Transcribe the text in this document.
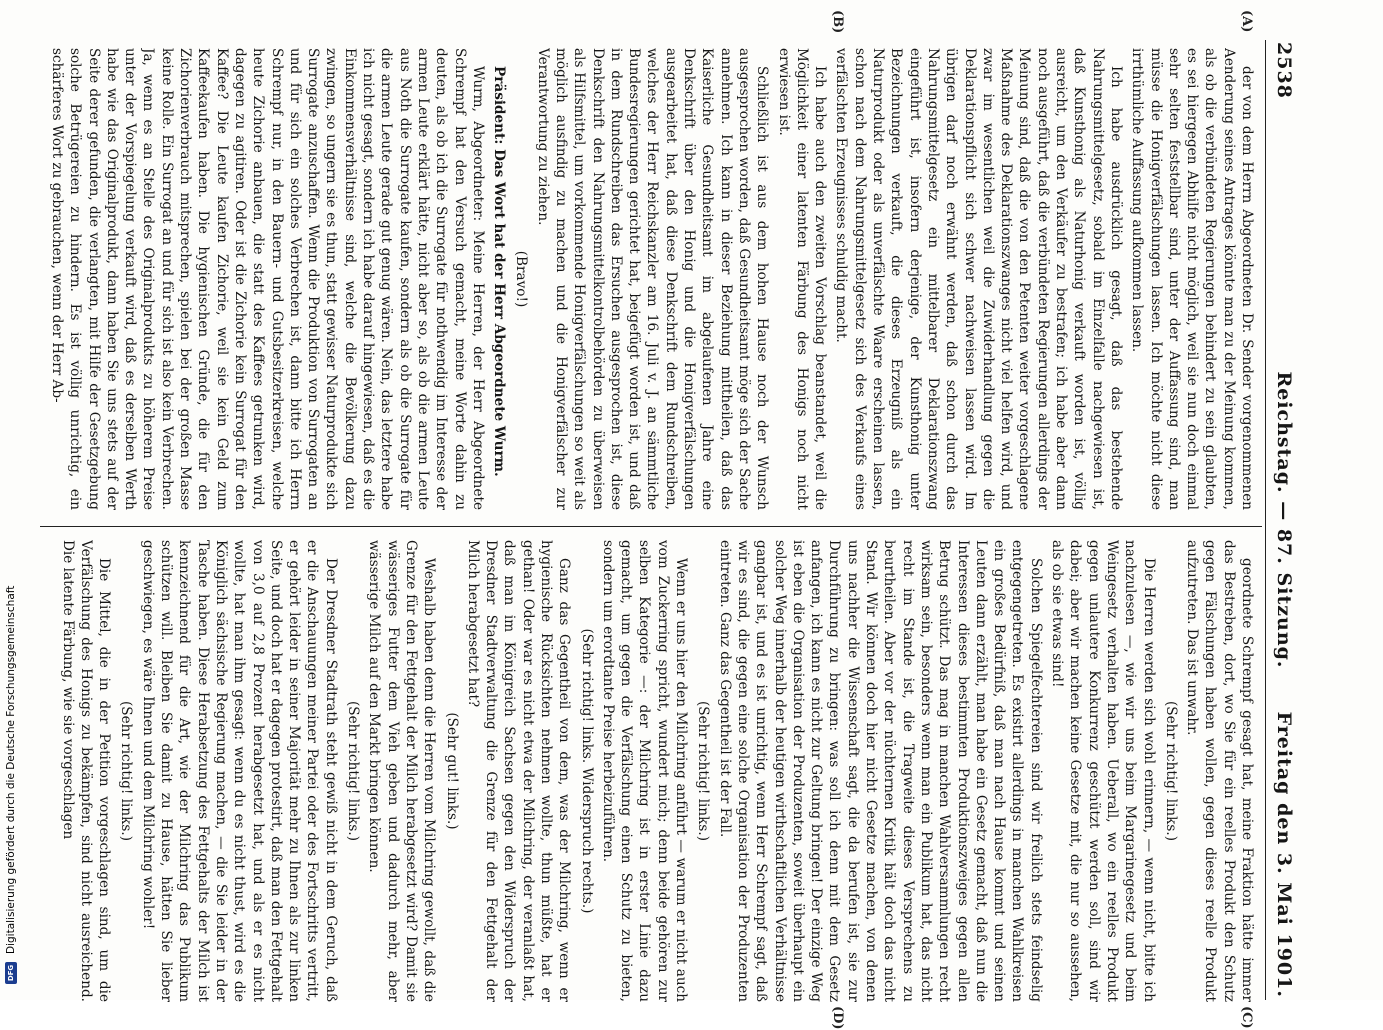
2538
Reichstag. — 87. Sitzung.
Freitag den 3. Mai 1901.
(A)
(B)
(C)
(D)

der von dem Herrn Abgeordneten Dr. Sender vorgenommenen Aenderung seines Antrages könnte man zu der Meinung kommen, als ob die verbündeten Regierungen behindert zu sein glaubten, es sei hiergegen Abhilfe nicht möglich, weil sie nun doch einmal sehr selten feststellbar sind, unter der Auffassung sind, man müsse die Honigverfälschungen lassen. Ich möchte nicht diese irrthümliche Auffassung aufkommen lassen.

Ich habe ausdrücklich gesagt, daß das bestehende Nahrungsmittelgesetz, sobald im Einzelfalle nachgewiesen ist, daß Kunsthonig als Naturhonig verkauft worden ist, völlig ausreicht, um den Verkäufer zu bestrafen; ich habe aber dann noch ausgeführt, daß die verbündeten Regierungen allerdings der Meinung sind, daß die von den Petenten weiter vorgeschlagene Maßnahme des Deklarationszwanges nicht viel helfen wird, und zwar im wesentlichen weil die Zuwiderhandlung gegen die Deklarationspflicht sich schwer nachweisen lassen wird. Im übrigen darf noch erwähnt werden, daß schon durch das Nahrungsmittelgesetz ein mittelbarer Deklarationszwang eingeführt ist, insofern derjenige, der Kunsthonig unter Bezeichnungen verkauft, die dieses Erzeugniß als ein Naturprodukt oder als unverfälschte Waare erscheinen lassen, schon nach dem Nahrungsmittelgesetz sich des Verkaufs eines verfälschten Erzeugnisses schuldig macht.

Ich habe auch den zweiten Vorschlag beanstandet, weil die Möglichkeit einer latenten Färbung des Honigs noch nicht erwiesen ist.

Schließlich ist aus dem hohen Hause noch der Wunsch ausgesprochen worden, daß Gesundheitsamt möge sich der Sache annehmen. Ich kann in dieser Beziehung mittheilen, daß das Kaiserliche Gesundheitsamt im abgelaufenen Jahre eine Denkschrift über den Honig und die Honigverfälschungen ausgearbeitet hat, daß diese Denkschrift dem Rundschreiben, welches der Herr Reichskanzler am 16. Juli v. J. an sämmtliche Bundesregierungen gerichtet hat, beigefügt worden ist, und daß in dem Rundschreiben das Ersuchen ausgesprochen ist, diese Denkschrift den Nahrungsmittelkontrolbehörden zu überweisen als Hilfsmittel, um vorkommende Honigverfälschungen so weit als möglich ausfindig zu machen und die Honigverfälscher zur Verantwortung zu ziehen.

(Bravo!)

Präsident: Das Wort hat der Herr Abgeordnete Wurm.

Wurm, Abgeordneter: Meine Herren, der Herr Abgeordnete Schrempf hat den Versuch gemacht, meine Worte dahin zu deuten, als ob ich die Surrogate für nothwendig im Interesse der armen Leute erklärt hätte, nicht aber so, als ob die armen Leute aus Noth die Surrogate kaufen, sondern als ob die Surrogate für die armen Leute gerade gut genug wären. Nein, das letztere habe ich nicht gesagt, sondern ich habe darauf hingewiesen, daß es die Einkommensverhältnisse sind, welche die Bevölkerung dazu zwingen, so ungern sie es thun, statt gewisser Naturprodukte sich Surrogate anzuschaffen. Wenn die Produktion von Surrogaten an und für sich ein solches Verbrechen ist, dann bitte ich Herrn Schrempf nur, in den Bauern- und Gutsbesitzerkreisen, welche heute Zichorie anbauen, die statt des Kaffees getrunken wird, dagegen zu agitiren. Oder ist die Zichorie kein Surrogat für den Kaffee? Die Leute kaufen Zichorie, weil sie kein Geld zum Kaffeekaufen haben. Die hygienischen Gründe, die für den Zichorienverbrauch mitsprechen, spielen bei der großen Masse keine Rolle. Ein Surrogat an und für sich ist also kein Verbrechen. Ja, wenn es an Stelle des Originalprodukts zu höherem Preise unter der Vorspiegelung verkauft wird, daß es derselben Werth habe wie das Originalprodukt, dann haben Sie uns stets auf der Seite derer gefunden, die verlangten, mit Hilfe der Gesetzgebung solche Betrügereien zu hindern. Es ist völlig unrichtig, ein schärferes Wort zu gebrauchen, wenn der Herr Ab-

geordnete Schrempf gesagt hat, meine Fraktion hätte immer das Bestreben, dort, wo Sie für ein reelles Produkt den Schutz gegen Fälschungen haben wollen, gegen dieses reelle Produkt aufzutreten. Das ist unwahr.

(Sehr richtig! links.)

Die Herren werden sich wohl erinnern, — wenn nicht, bitte ich nachzulesen —, wie wir uns beim Margarinegesetz und beim Weingesetz verhalten haben. Ueberall, wo ein reelles Produkt gegen unlautere Konkurrenz geschützt werden soll, sind wir dabei; aber wir machen keine Gesetze mit, die nur so aussehen, als ob sie etwas sind!

Solchen Spiegelfechtereien sind wir freilich stets feindselig entgegengetreten. Es existirt allerdings in manchen Wahlkreisen ein großes Bedürfniß, daß man nach Hause kommt und seinen Leuten dann erzählt, man habe ein Gesetz gemacht, daß nun die Interessen dieses bestimmten Produktionszweiges gegen allen Betrug schützt. Das mag in manchen Wahlversammlungen recht wirksam sein, besonders wenn man ein Publikum hat, das nicht recht im Stande ist, die Tragweite dieses Versprechens zu beurtheilen. Aber vor der nüchternen Kritik hält doch das nicht Stand. Wir können doch hier nicht Gesetze machen, von denen uns nachher die Wissenschaft sagt, die da berufen ist, sie zur Durchführung zu bringen: was soll ich denn mit dem Gesetz anfangen, ich kann es nicht zur Geltung bringen! Der einzige Weg ist eben die Organisation der Produzenten, soweit überhaupt ein solcher Weg innerhalb der heutigen wirthschaftlichen Verhältnisse gangbar ist, und es ist unrichtig, wenn Herr Schrempf sagt, daß wir es sind, die gegen eine solche Organisation der Produzenten eintreten. Ganz das Gegentheil ist der Fall.

(Sehr richtig! links.)

Wenn er uns hier den Milchring anführt — warum er nicht auch vom Zuckerring spricht, wundert mich; denn beide gehören zur selben Kategorie —: der Milchring ist in erster Linie dazu gemacht, um gegen die Verfälschung einen Schutz zu bieten, sondern um erordtante Preise herbeizuführen.

(Sehr richtig! links. Widerspruch rechts.)

Ganz das Gegentheil von dem, was der Milchring, wenn er hygienische Rücksichten nehmen wollte, thun müßte, hat er gethan! Oder war es nicht etwa der Milchring, der veranlaßt hat, daß man im Königreich Sachsen gegen den Widerspruch der Dresdner Stadtverwaltung die Grenze für den Fettgehalt der Milch herabgesetzt hat?

(Sehr gut! links.)

Weshalb haben denn die Herren vom Milchring gewollt, daß die Grenze für den Fettgehalt der Milch herabgesetzt wird? Damit sie wässeriges Futter dem Vieh geben und dadurch mehr, aber wässerige Milch auf den Markt bringen können.

(Sehr richtig! links.)

Der Dresdner Stadtrath steht gewiß nicht in dem Geruch, daß er die Anschauungen meiner Partei oder des Fortschritts vertritt, er gehört leider in seiner Majorität mehr zu Ihnen als zur linken Seite, und doch hat er dagegen protestirt, daß man den Fettgehalt von 3,0 auf 2,8 Prozent herabgesetzt hat, und als er es nicht wollte, hat man ihm gesagt: wenn du es nicht thust, wird es die Königlich sächsische Regierung machen, — die Sie leider in der Tasche haben. Diese Herabsetzung des Fettgehalts der Milch ist kennzeichnend für die Art, wie der Milchring das Publikum schützen will. Bleiben Sie damit zu Hause, hätten Sie lieber geschwiegen, es wäre Ihnen und dem Milchring wohler!

(Sehr richtig! links.)

Die Mittel, die in der Petition vorgeschlagen sind, um die Verfälschung des Honigs zu bekämpfen, sind nicht ausreichend. Die latente Färbung, wie sie vorgeschlagen

DFG
Digitalisierung gefördert durch die Deutsche Forschungsgemeinschaft
